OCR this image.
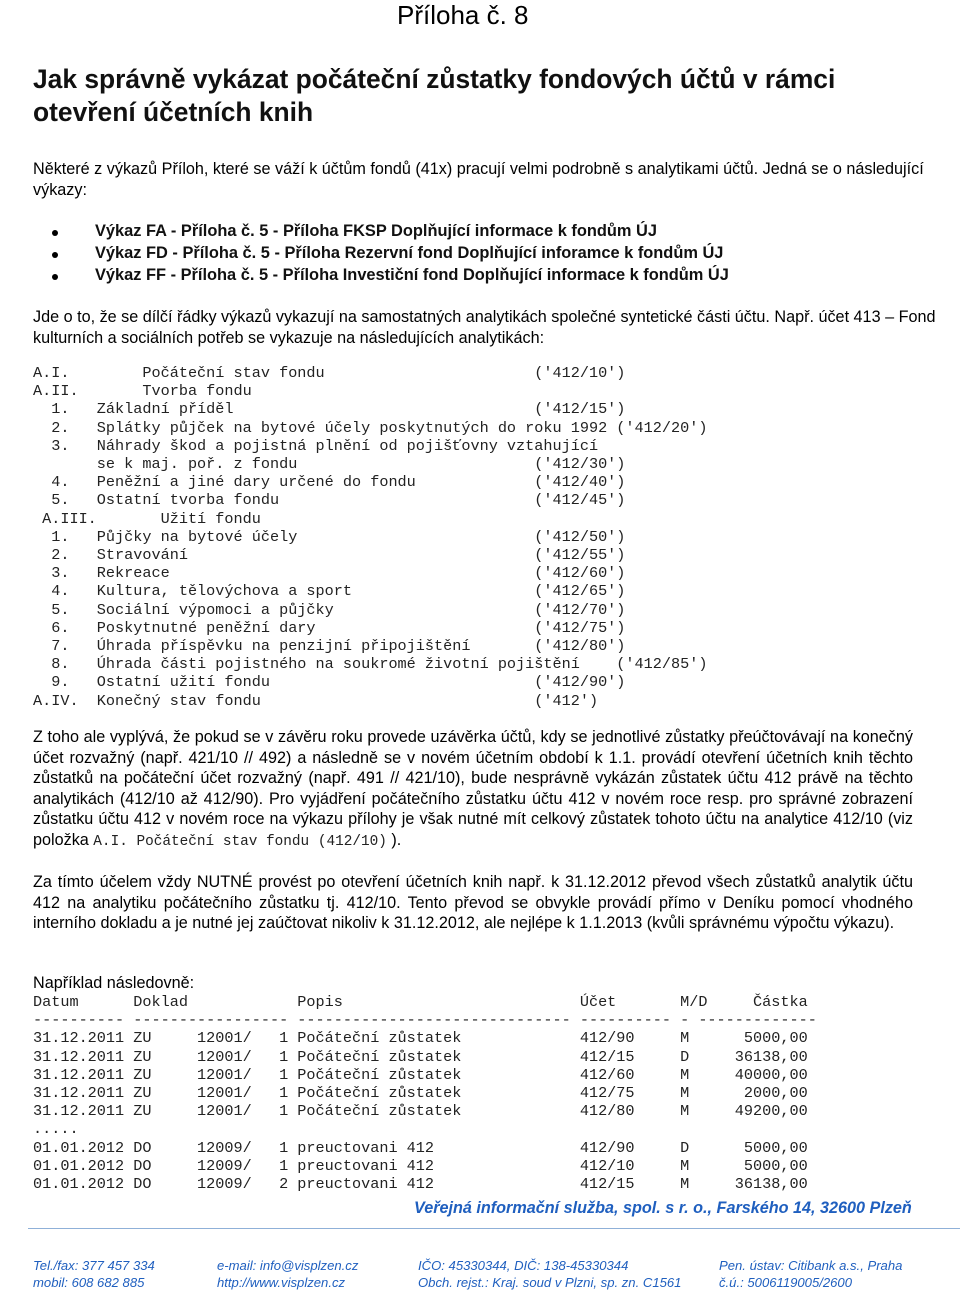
Příloha č. 8
Jak správně vykázat počáteční zůstatky fondových účtů v rámci
otevření účetních knih
Některé z výkazů Příloh, které se váží k účtům fondů (41x) pracují velmi podrobně s analytikami účtů. Jedná se o následující výkazy:
Výkaz FA - Příloha č. 5 - Příloha FKSP Doplňující informace k fondům ÚJ
Výkaz FD - Příloha č. 5 - Příloha Rezervní fond Doplňující inforamce k fondům ÚJ
Výkaz FF - Příloha č. 5 - Příloha Investiční fond Doplňující informace k fondům ÚJ
Jde o to, že se dílčí řádky výkazů vykazují na samostatných analytikách společné syntetické části účtu. Např. účet 413 – Fond kulturních a sociálních potřeb se vykazuje na následujících analytikách:
A.I.        Počáteční stav fondu                       ('412/10')
A.II.       Tvorba fondu
1.   Základní příděl                                 ('412/15')
2.   Splátky půjček na bytové účely poskytnutých do roku 1992 ('412/20')
3.   Náhrady škod a pojistná plnění od pojišťovny vztahující
se k maj. poř. z fondu                          ('412/30')
4.   Peněžní a jiné dary určené do fondu             ('412/40')
5.   Ostatní tvorba fondu                            ('412/45')
A.III.       Užití fondu
1.   Půjčky na bytové účely                          ('412/50')
2.   Stravování                                      ('412/55')
3.   Rekreace                                        ('412/60')
4.   Kultura, tělovýchova a sport                    ('412/65')
5.   Sociální výpomoci a půjčky                      ('412/70')
6.   Poskytnutné peněžní dary                        ('412/75')
7.   Úhrada příspěvku na penzijní připojištění       ('412/80')
8.   Úhrada části pojistného na soukromé životní pojištění    ('412/85')
9.   Ostatní užití fondu                             ('412/90')
A.IV.  Konečný stav fondu                              ('412')
Z toho ale vyplývá, že pokud se v závěru roku provede uzávěrka účtů, kdy se jednotlivé zůstatky přeúčtovávají na konečný účet rozvažný (např. 421/10 // 492) a následně se v novém účetním období k 1.1. provádí otevření účetních knih těchto zůstatků na počáteční účet rozvažný (např. 491 // 421/10), bude nesprávně vykázán zůstatek účtu 412 právě na těchto analytikách (412/10 až 412/90). Pro vyjádření počátečního zůstatku účtu 412 v novém roce resp. pro správné zobrazení zůstatku účtu 412 v novém roce na výkazu přílohy je však nutné mít celkový zůstatek tohoto účtu na analytice 412/10 (viz položka A.I. Počáteční stav fondu (412/10) ).
Za tímto účelem vždy NUTNÉ provést po otevření účetních knih např. k 31.12.2012 převod všech zůstatků analytik účtu 412 na analytiku počátečního zůstatku tj. 412/10. Tento převod se obvykle provádí přímo v Deníku pomocí vhodného interního dokladu a je nutné jej zaúčtovat nikoliv k 31.12.2012, ale nejlépe k 1.1.2013 (kvůli správnému výpočtu výkazu).
Například následovně:
Datum      Doklad            Popis                          Účet       M/D     Částka
---------- ----------------- ------------------------------ ---------- - -------------
31.12.2011 ZU     12001/   1 Počáteční zůstatek             412/90     M      5000,00
31.12.2011 ZU     12001/   1 Počáteční zůstatek             412/15     D     36138,00
31.12.2011 ZU     12001/   1 Počáteční zůstatek             412/60     M     40000,00
31.12.2011 ZU     12001/   1 Počáteční zůstatek             412/75     M      2000,00
31.12.2011 ZU     12001/   1 Počáteční zůstatek             412/80     M     49200,00
.....
01.01.2012 DO     12009/   1 preuctovani 412                412/90     D      5000,00
01.01.2012 DO     12009/   1 preuctovani 412                412/10     M      5000,00
01.01.2012 DO     12009/   2 preuctovani 412                412/15     M     36138,00
Veřejná informační služba, spol. s r. o., Farského 14, 32600 Plzeň
Tel./fax: 377 457 334
mobil: 608 682 885
e-mail: info@visplzen.cz
http://www.visplzen.cz
IČO: 45330344, DIČ: 138-45330344
Obch. rejst.: Kraj. soud v Plzni, sp. zn. C1561
Pen. ústav: Citibank a.s., Praha
č.ú.: 5006119005/2600
